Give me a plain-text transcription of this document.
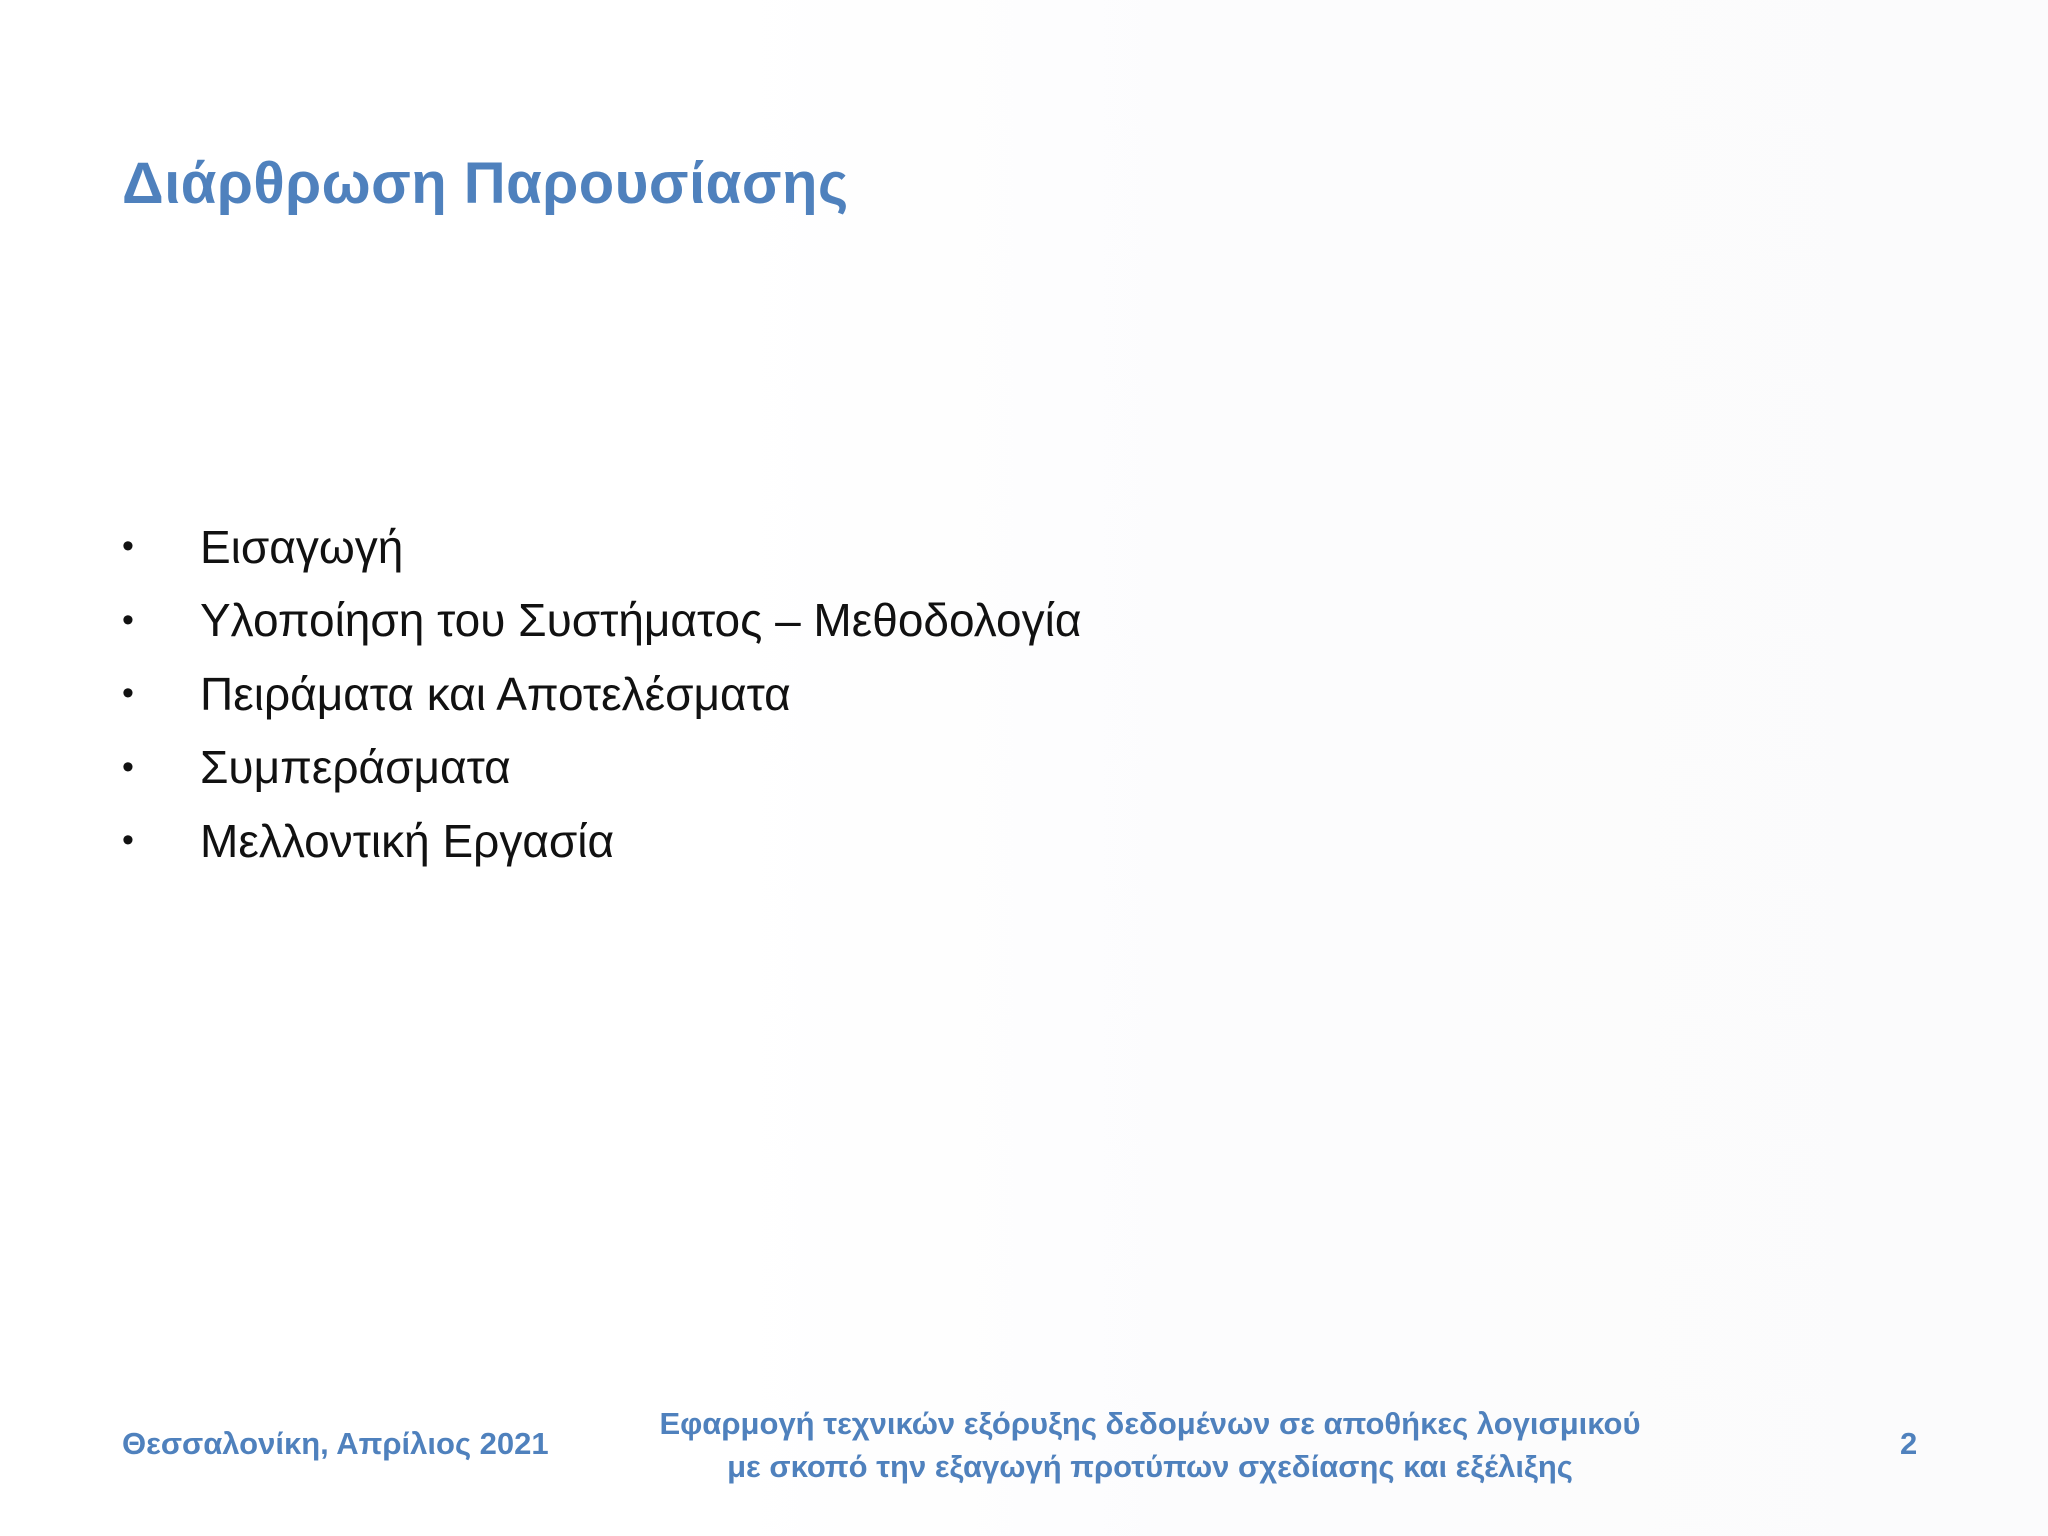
Διάρθρωση Παρουσίασης
•	Εισαγωγή
•	Υλοποίηση του Συστήματος – Μεθοδολογία
•	Πειράματα και Αποτελέσματα
•	Συμπεράσματα
•	Μελλοντική Εργασία
Θεσσαλονίκη, Απρίλιος 2021
Εφαρμογή τεχνικών εξόρυξης δεδομένων σε αποθήκες λογισμικού
με σκοπό την εξαγωγή προτύπων σχεδίασης και εξέλιξης
2
